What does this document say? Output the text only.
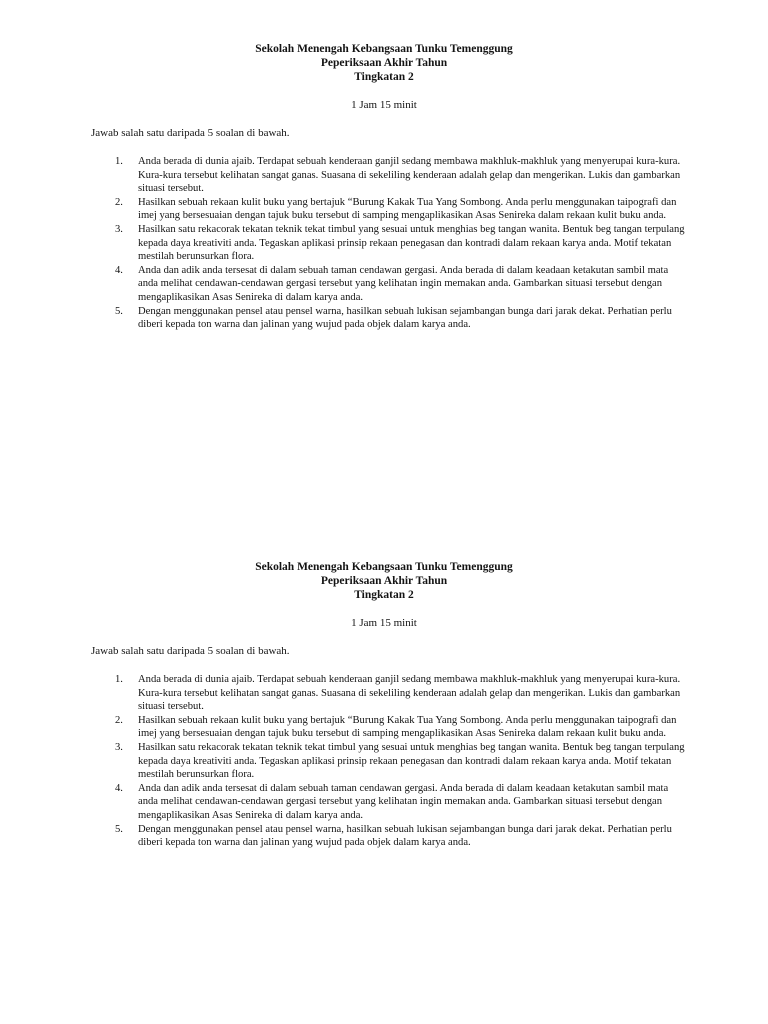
Sekolah Menengah Kebangsaan Tunku Temenggung
Peperiksaan Akhir Tahun
Tingkatan 2
1 Jam 15 minit
Jawab salah satu daripada 5 soalan di bawah.
1. Anda berada di dunia ajaib. Terdapat sebuah kenderaan ganjil sedang membawa makhluk-makhluk yang menyerupai kura-kura. Kura-kura tersebut kelihatan sangat ganas. Suasana di sekeliling kenderaan adalah gelap dan mengerikan. Lukis dan gambarkan situasi tersebut.
2. Hasilkan sebuah rekaan kulit buku yang bertajuk “Burung Kakak Tua Yang Sombong. Anda perlu menggunakan taipografi dan imej yang bersesuaian dengan tajuk buku tersebut di samping mengaplikasikan Asas Senireka dalam rekaan kulit buku anda.
3. Hasilkan satu rekacorak tekatan teknik tekat timbul yang sesuai untuk menghias beg tangan wanita. Bentuk beg tangan terpulang kepada daya kreativiti anda. Tegaskan aplikasi prinsip rekaan penegasan dan kontradi dalam rekaan karya anda. Motif tekatan mestilah berunsurkan flora.
4. Anda dan adik anda tersesat di dalam sebuah taman cendawan gergasi. Anda berada di dalam keadaan ketakutan sambil mata anda melihat cendawan-cendawan gergasi tersebut yang kelihatan ingin memakan anda. Gambarkan situasi tersebut dengan mengaplikasikan Asas Senireka di dalam karya anda.
5. Dengan menggunakan pensel atau pensel warna, hasilkan sebuah lukisan sejambangan bunga dari jarak dekat. Perhatian perlu diberi kepada ton warna dan jalinan yang wujud pada objek dalam karya anda.
Sekolah Menengah Kebangsaan Tunku Temenggung
Peperiksaan Akhir Tahun
Tingkatan 2
1 Jam 15 minit
Jawab salah satu daripada 5 soalan di bawah.
1. Anda berada di dunia ajaib. Terdapat sebuah kenderaan ganjil sedang membawa makhluk-makhluk yang menyerupai kura-kura. Kura-kura tersebut kelihatan sangat ganas. Suasana di sekeliling kenderaan adalah gelap dan mengerikan. Lukis dan gambarkan situasi tersebut.
2. Hasilkan sebuah rekaan kulit buku yang bertajuk “Burung Kakak Tua Yang Sombong. Anda perlu menggunakan taipografi dan imej yang bersesuaian dengan tajuk buku tersebut di samping mengaplikasikan Asas Senireka dalam rekaan kulit buku anda.
3. Hasilkan satu rekacorak tekatan teknik tekat timbul yang sesuai untuk menghias beg tangan wanita. Bentuk beg tangan terpulang kepada daya kreativiti anda. Tegaskan aplikasi prinsip rekaan penegasan dan kontradi dalam rekaan karya anda. Motif tekatan mestilah berunsurkan flora.
4. Anda dan adik anda tersesat di dalam sebuah taman cendawan gergasi. Anda berada di dalam keadaan ketakutan sambil mata anda melihat cendawan-cendawan gergasi tersebut yang kelihatan ingin memakan anda. Gambarkan situasi tersebut dengan mengaplikasikan Asas Senireka di dalam karya anda.
5. Dengan menggunakan pensel atau pensel warna, hasilkan sebuah lukisan sejambangan bunga dari jarak dekat. Perhatian perlu diberi kepada ton warna dan jalinan yang wujud pada objek dalam karya anda.
